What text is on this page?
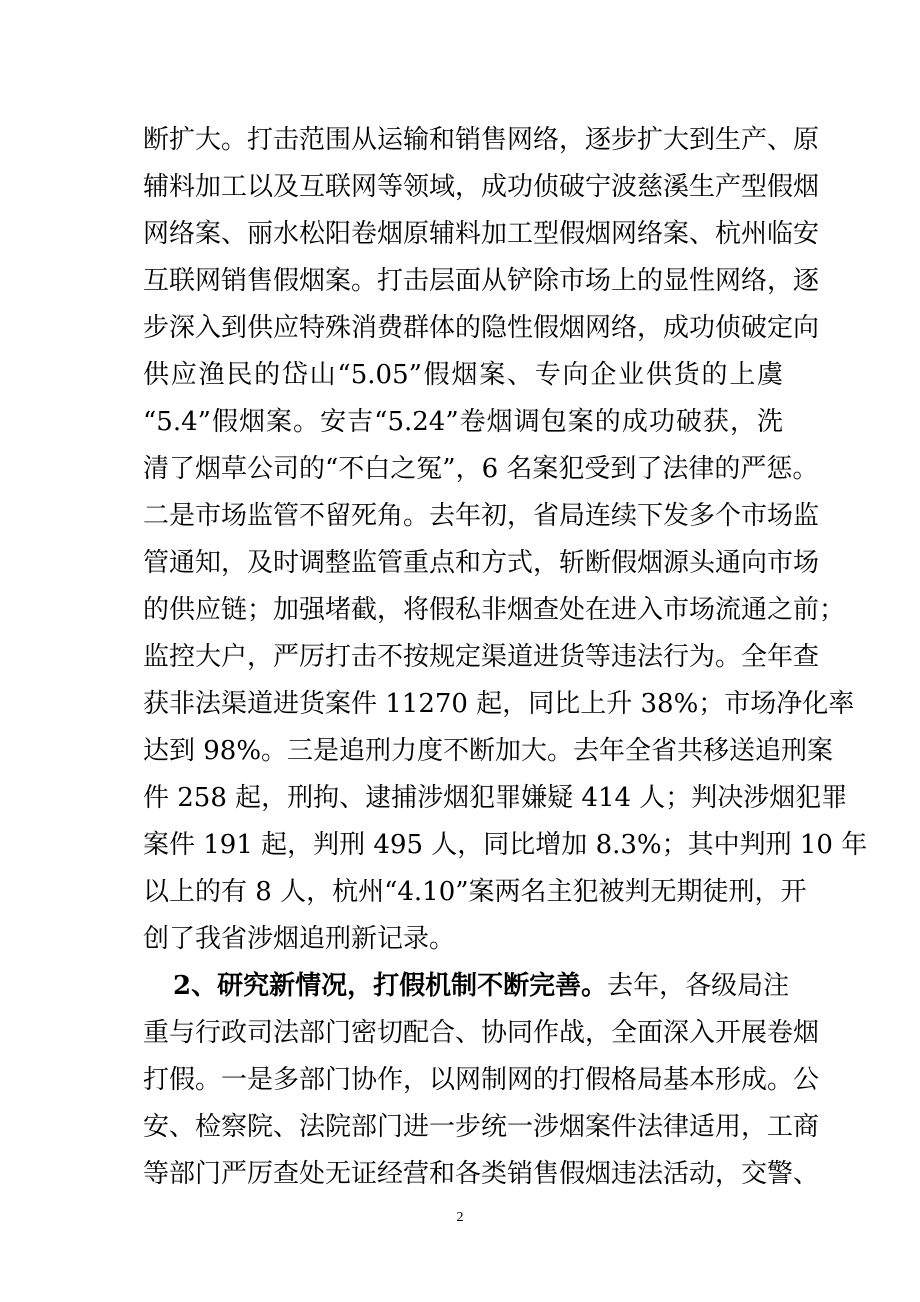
断扩大。打击范围从运输和销售网络，逐步扩大到生产、原
辅料加工以及互联网等领域，成功侦破宁波慈溪生产型假烟
网络案、丽水松阳卷烟原辅料加工型假烟网络案、杭州临安
互联网销售假烟案。打击层面从铲除市场上的显性网络，逐
步深入到供应特殊消费群体的隐性假烟网络，成功侦破定向
供应渔民的岱山“5.05”假烟案、专向企业供货的上虞
“5.4”假烟案。安吉“5.24”卷烟调包案的成功破获，洗
清了烟草公司的“不白之冤”，6 名案犯受到了法律的严惩。
二是市场监管不留死角。去年初，省局连续下发多个市场监
管通知，及时调整监管重点和方式，斩断假烟源头通向市场
的供应链；加强堵截，将假私非烟查处在进入市场流通之前；
监控大户，严厉打击不按规定渠道进货等违法行为。全年查
获非法渠道进货案件 11270 起，同比上升 38%；市场净化率
达到 98%。三是追刑力度不断加大。去年全省共移送追刑案
件 258 起，刑拘、逮捕涉烟犯罪嫌疑 414 人；判决涉烟犯罪
案件 191 起，判刑 495 人，同比增加 8.3%；其中判刑 10 年
以上的有 8 人，杭州“4.10”案两名主犯被判无期徒刑，开
创了我省涉烟追刑新记录。
2、研究新情况，打假机制不断完善。去年，各级局注
重与行政司法部门密切配合、协同作战，全面深入开展卷烟
打假。一是多部门协作，以网制网的打假格局基本形成。公
安、检察院、法院部门进一步统一涉烟案件法律适用，工商
等部门严厉查处无证经营和各类销售假烟违法活动，交警、
2
